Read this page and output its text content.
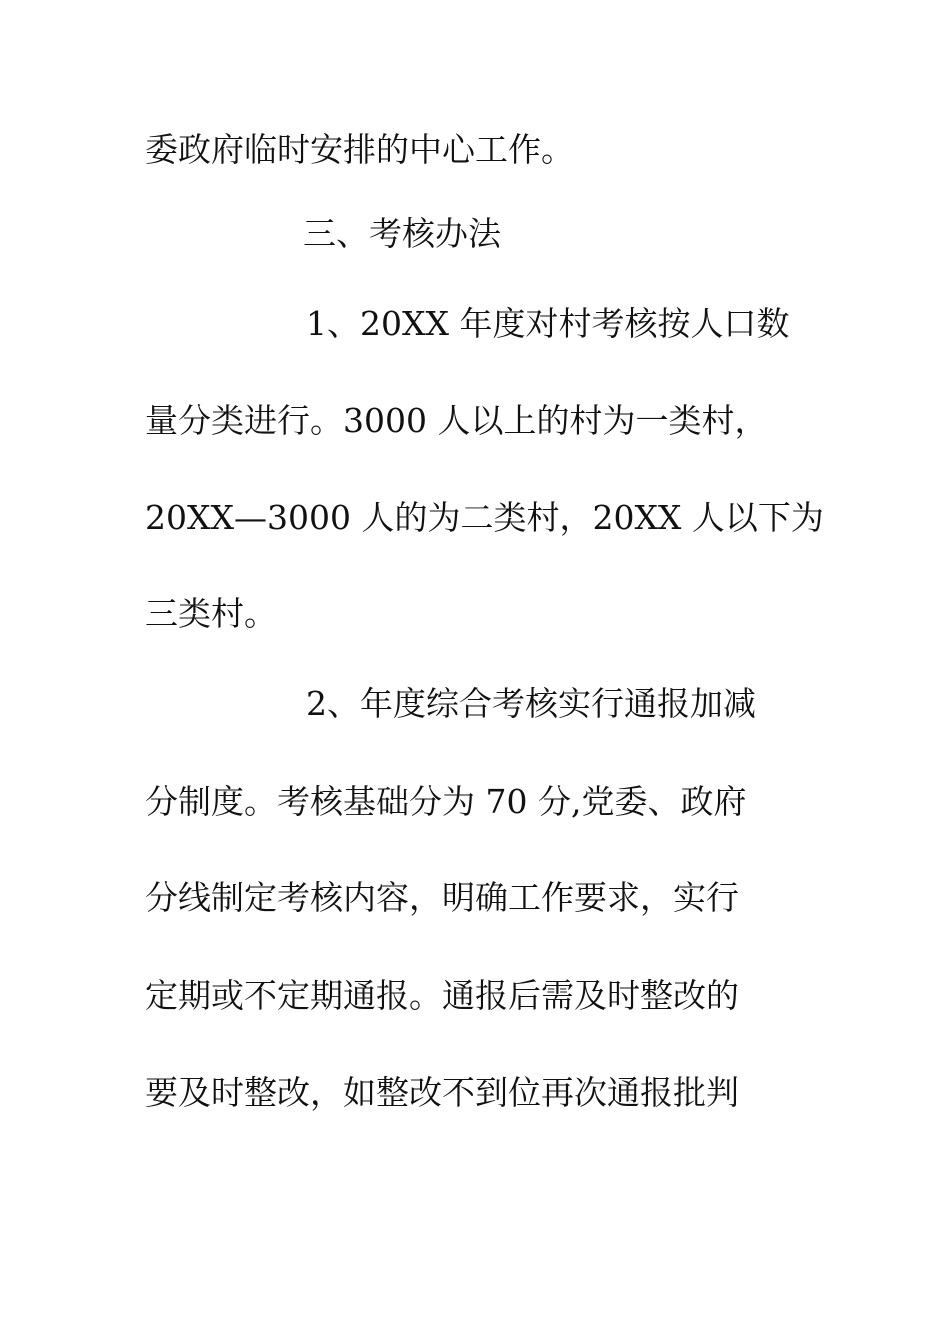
委政府临时安排的中心工作。
三、考核办法
1、20XX 年度对村考核按人口数
量分类进行。3000 人以上的村为一类村，
20XX—3000 人的为二类村，20XX 人以下为
三类村。
2、年度综合考核实行通报加减
分制度。考核基础分为 70 分,党委、政府
分线制定考核内容，明确工作要求，实行
定期或不定期通报。通报后需及时整改的
要及时整改，如整改不到位再次通报批判
